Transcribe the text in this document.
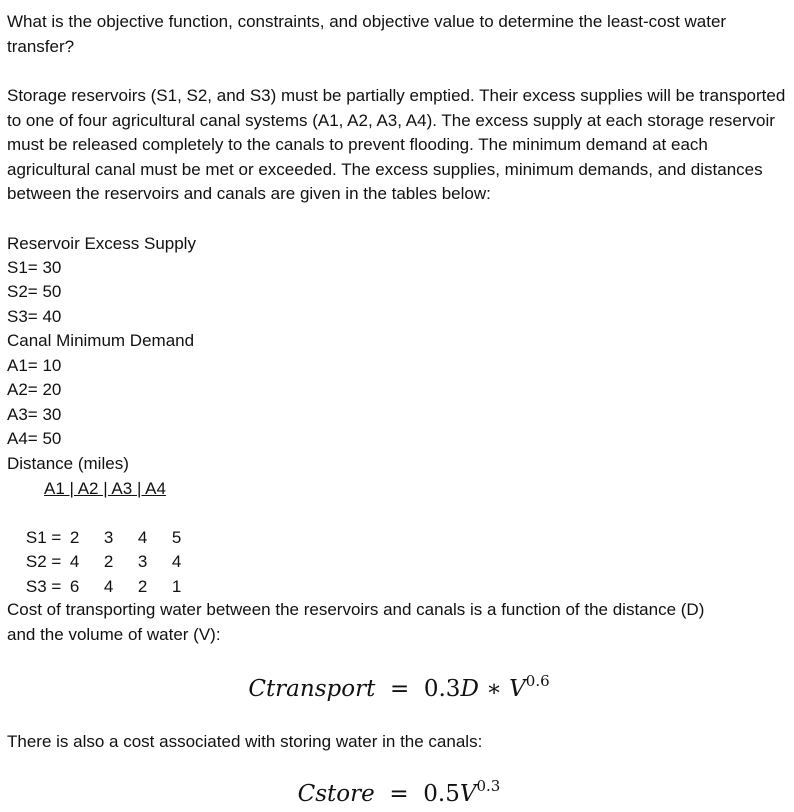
What is the objective function, constraints, and objective value to determine the least-cost water transfer?

Storage reservoirs (S1, S2, and S3) must be partially emptied. Their excess supplies will be transported to one of four agricultural canal systems (A1, A2, A3, A4). The excess supply at each storage reservoir must be released completely to the canals to prevent flooding. The minimum demand at each agricultural canal must be met or exceeded. The excess supplies, minimum demands, and distances between the reservoirs and canals are given in the tables below:

Reservoir Excess Supply

S1= 30

S2= 50

S3= 40

Canal Minimum Demand

A1= 10

A2= 20

A3= 30

A4= 50

Distance (miles)

A1 | A2 | A3 | A4

S1 = 2 3 4 5

S2 = 4 2 3 4

S3 = 6 4 2 1

Cost of transporting water between the reservoirs and canals is a function of the distance (D) and the volume of water (V):

Ctransport = 0.3D ∗ $V^{0.6}$

There is also a cost associated with storing water in the canals:

Cstore = $0.5V^{0.3}$
